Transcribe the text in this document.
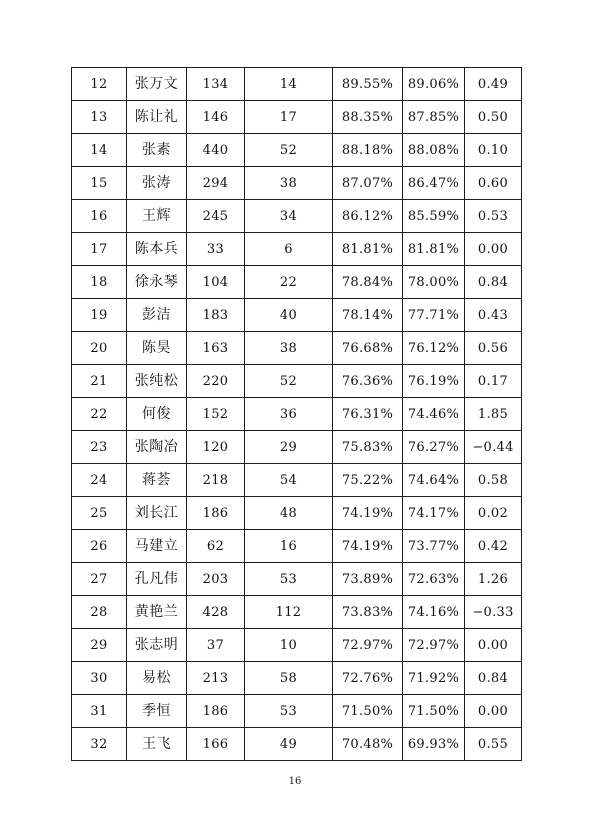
12	张万文	134	14	89.55%	89.06%	0.49
13	陈让礼	146	17	88.35%	87.85%	0.50
14	张素	440	52	88.18%	88.08%	0.10
15	张涛	294	38	87.07%	86.47%	0.60
16	王辉	245	34	86.12%	85.59%	0.53
17	陈本兵	33	6	81.81%	81.81%	0.00
18	徐永琴	104	22	78.84%	78.00%	0.84
19	彭洁	183	40	78.14%	77.71%	0.43
20	陈昊	163	38	76.68%	76.12%	0.56
21	张纯松	220	52	76.36%	76.19%	0.17
22	何俊	152	36	76.31%	74.46%	1.85
23	张陶冶	120	29	75.83%	76.27%	−0.44
24	蒋荟	218	54	75.22%	74.64%	0.58
25	刘长江	186	48	74.19%	74.17%	0.02
26	马建立	62	16	74.19%	73.77%	0.42
27	孔凡伟	203	53	73.89%	72.63%	1.26
28	黄艳兰	428	112	73.83%	74.16%	−0.33
29	张志明	37	10	72.97%	72.97%	0.00
30	易松	213	58	72.76%	71.92%	0.84
31	季恒	186	53	71.50%	71.50%	0.00
32	王飞	166	49	70.48%	69.93%	0.55
16
